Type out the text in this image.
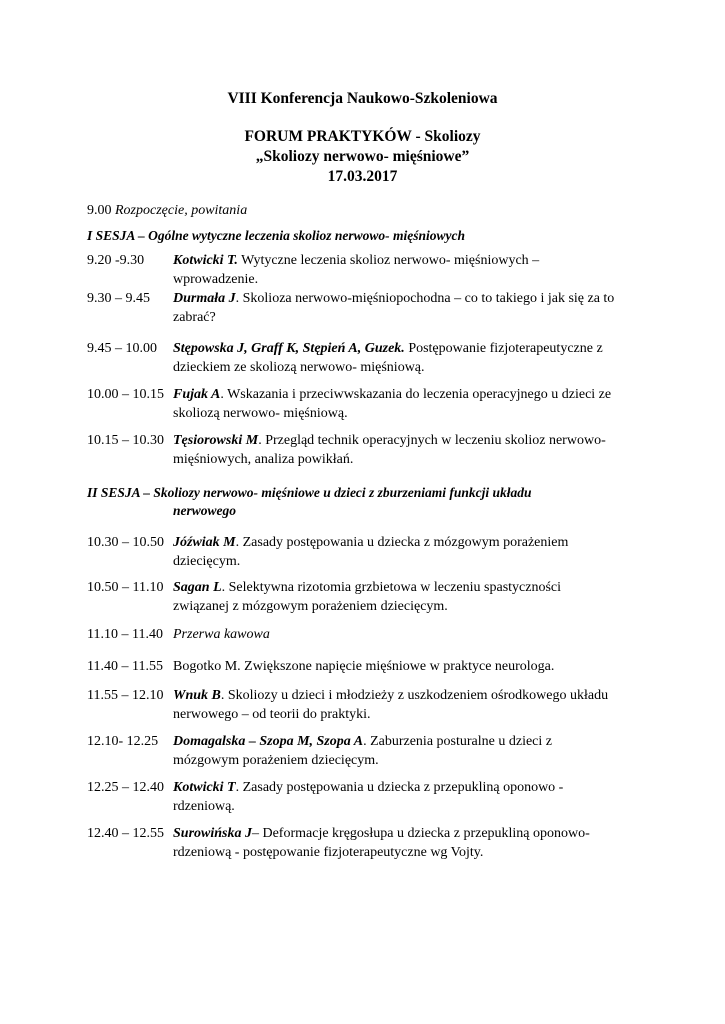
VIII Konferencja Naukowo-Szkoleniowa
FORUM PRAKTYKÓW - Skoliozy
„Skoliozy nerwowo- mięśniowe”
17.03.2017
9.00 Rozpoczęcie, powitania
I SESJA – Ogólne wytyczne leczenia skolioz nerwowo- mięśniowych
9.20 -9.30 Kotwicki T. Wytyczne leczenia skolioz nerwowo- mięśniowych –
wprowadzenie.
9.30 – 9.45 Durmała J. Skolioza nerwowo-mięśniopochodna – co to takiego i jak się za to
zabrać?
9.45 – 10.00 Stępowska J, Graff K, Stępień A, Guzek. Postępowanie fizjoterapeutyczne z
dzieckiem ze skoliozą nerwowo- mięśniową.
10.00 – 10.15 Fujak A. Wskazania i przeciwwskazania do leczenia operacyjnego u dzieci ze
skoliozą nerwowo- mięśniową.
10.15 – 10.30 Tęsiorowski M. Przegląd technik operacyjnych w leczeniu skolioz nerwowo-
mięśniowych, analiza powikłań.
II SESJA – Skoliozy nerwowo- mięśniowe u dzieci z zburzeniami funkcji układu
nerwowego
10.30 – 10.50 Jóźwiak M. Zasady postępowania u dziecka z mózgowym porażeniem
dziecięcym.
10.50 – 11.10 Sagan L. Selektywna rizotomia grzbietowa w leczeniu spastyczności
związanej z mózgowym porażeniem dziecięcym.
11.10 – 11.40 Przerwa kawowa
11.40 – 11.55 Bogotko M. Zwiększone napięcie mięśniowe w praktyce neurologa.
11.55 – 12.10 Wnuk B. Skoliozy u dzieci i młodzieży z uszkodzeniem ośrodkowego układu
nerwowego – od teorii do praktyki.
12.10- 12.25 Domagalska – Szopa M, Szopa A. Zaburzenia posturalne u dzieci z
mózgowym porażeniem dziecięcym.
12.25 – 12.40 Kotwicki T. Zasady postępowania u dziecka z przepukliną oponowo -
rdzeniową.
12.40 – 12.55 Surowińska J– Deformacje kręgosłupa u dziecka z przepukliną oponowo-
rdzeniową - postępowanie fizjoterapeutyczne wg Vojty.
